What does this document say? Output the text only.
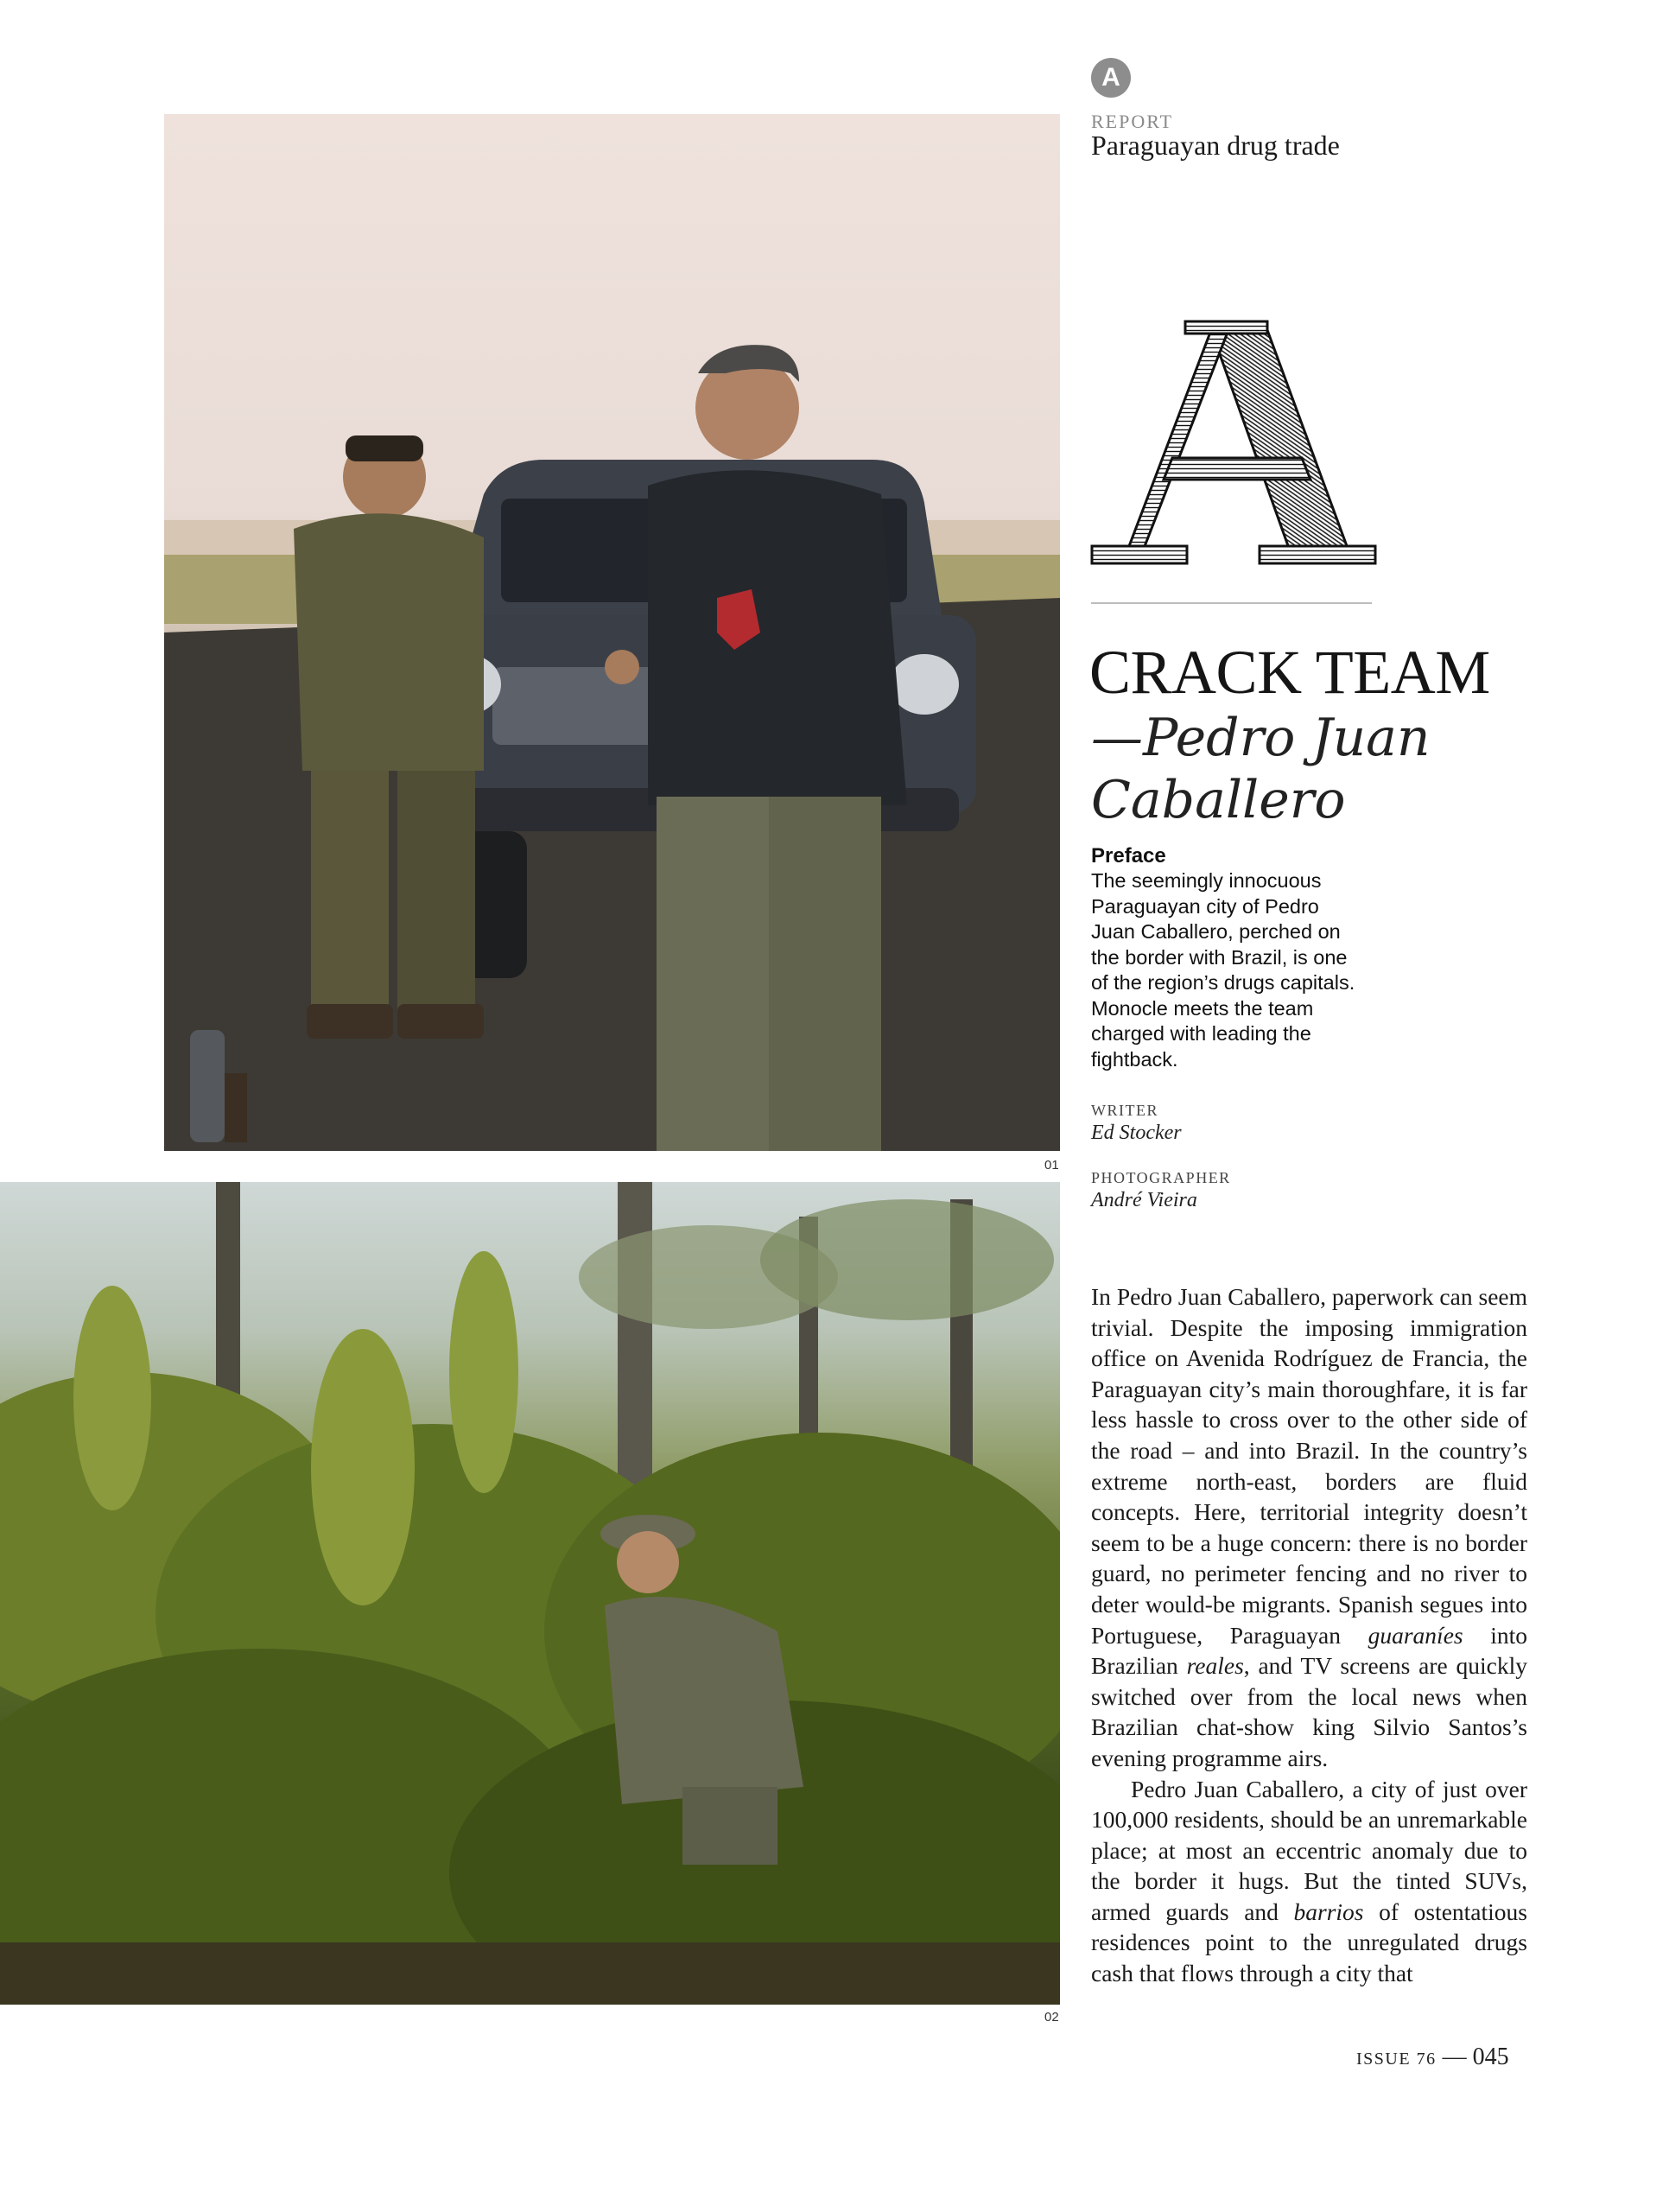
01
02
A
REPORT
Paraguayan drug trade
CRACK TEAM
—Pedro Juan Caballero
Preface
The seemingly innocuous Paraguayan city of Pedro Juan Caballero, perched on the border with Brazil, is one of the region’s drugs capitals. Monocle meets the team charged with leading the fightback.
WRITER
Ed Stocker
PHOTOGRAPHER
André Vieira

In Pedro Juan Caballero, paperwork can seem trivial. Despite the imposing immigration office on Avenida Rodríguez de Francia, the Paraguayan city’s main thoroughfare, it is far less hassle to cross over to the other side of the road – and into Brazil. In the country’s extreme north-east, borders are fluid concepts. Here, territorial integrity doesn’t seem to be a huge concern: there is no border guard, no perimeter fencing and no river to deter would-be migrants. Spanish segues into Portuguese, Paraguayan guaraníes into Brazilian reales, and TV screens are quickly switched over from the local news when Brazilian chat-show king Silvio Santos’s evening programme airs.

Pedro Juan Caballero, a city of just over 100,000 residents, should be an unremarkable place; at most an eccentric anomaly due to the border it hugs. But the tinted SUVs, armed guards and barrios of ostentatious residences point to the unregulated drugs cash that flows through a city that

ISSUE 76 — 045
